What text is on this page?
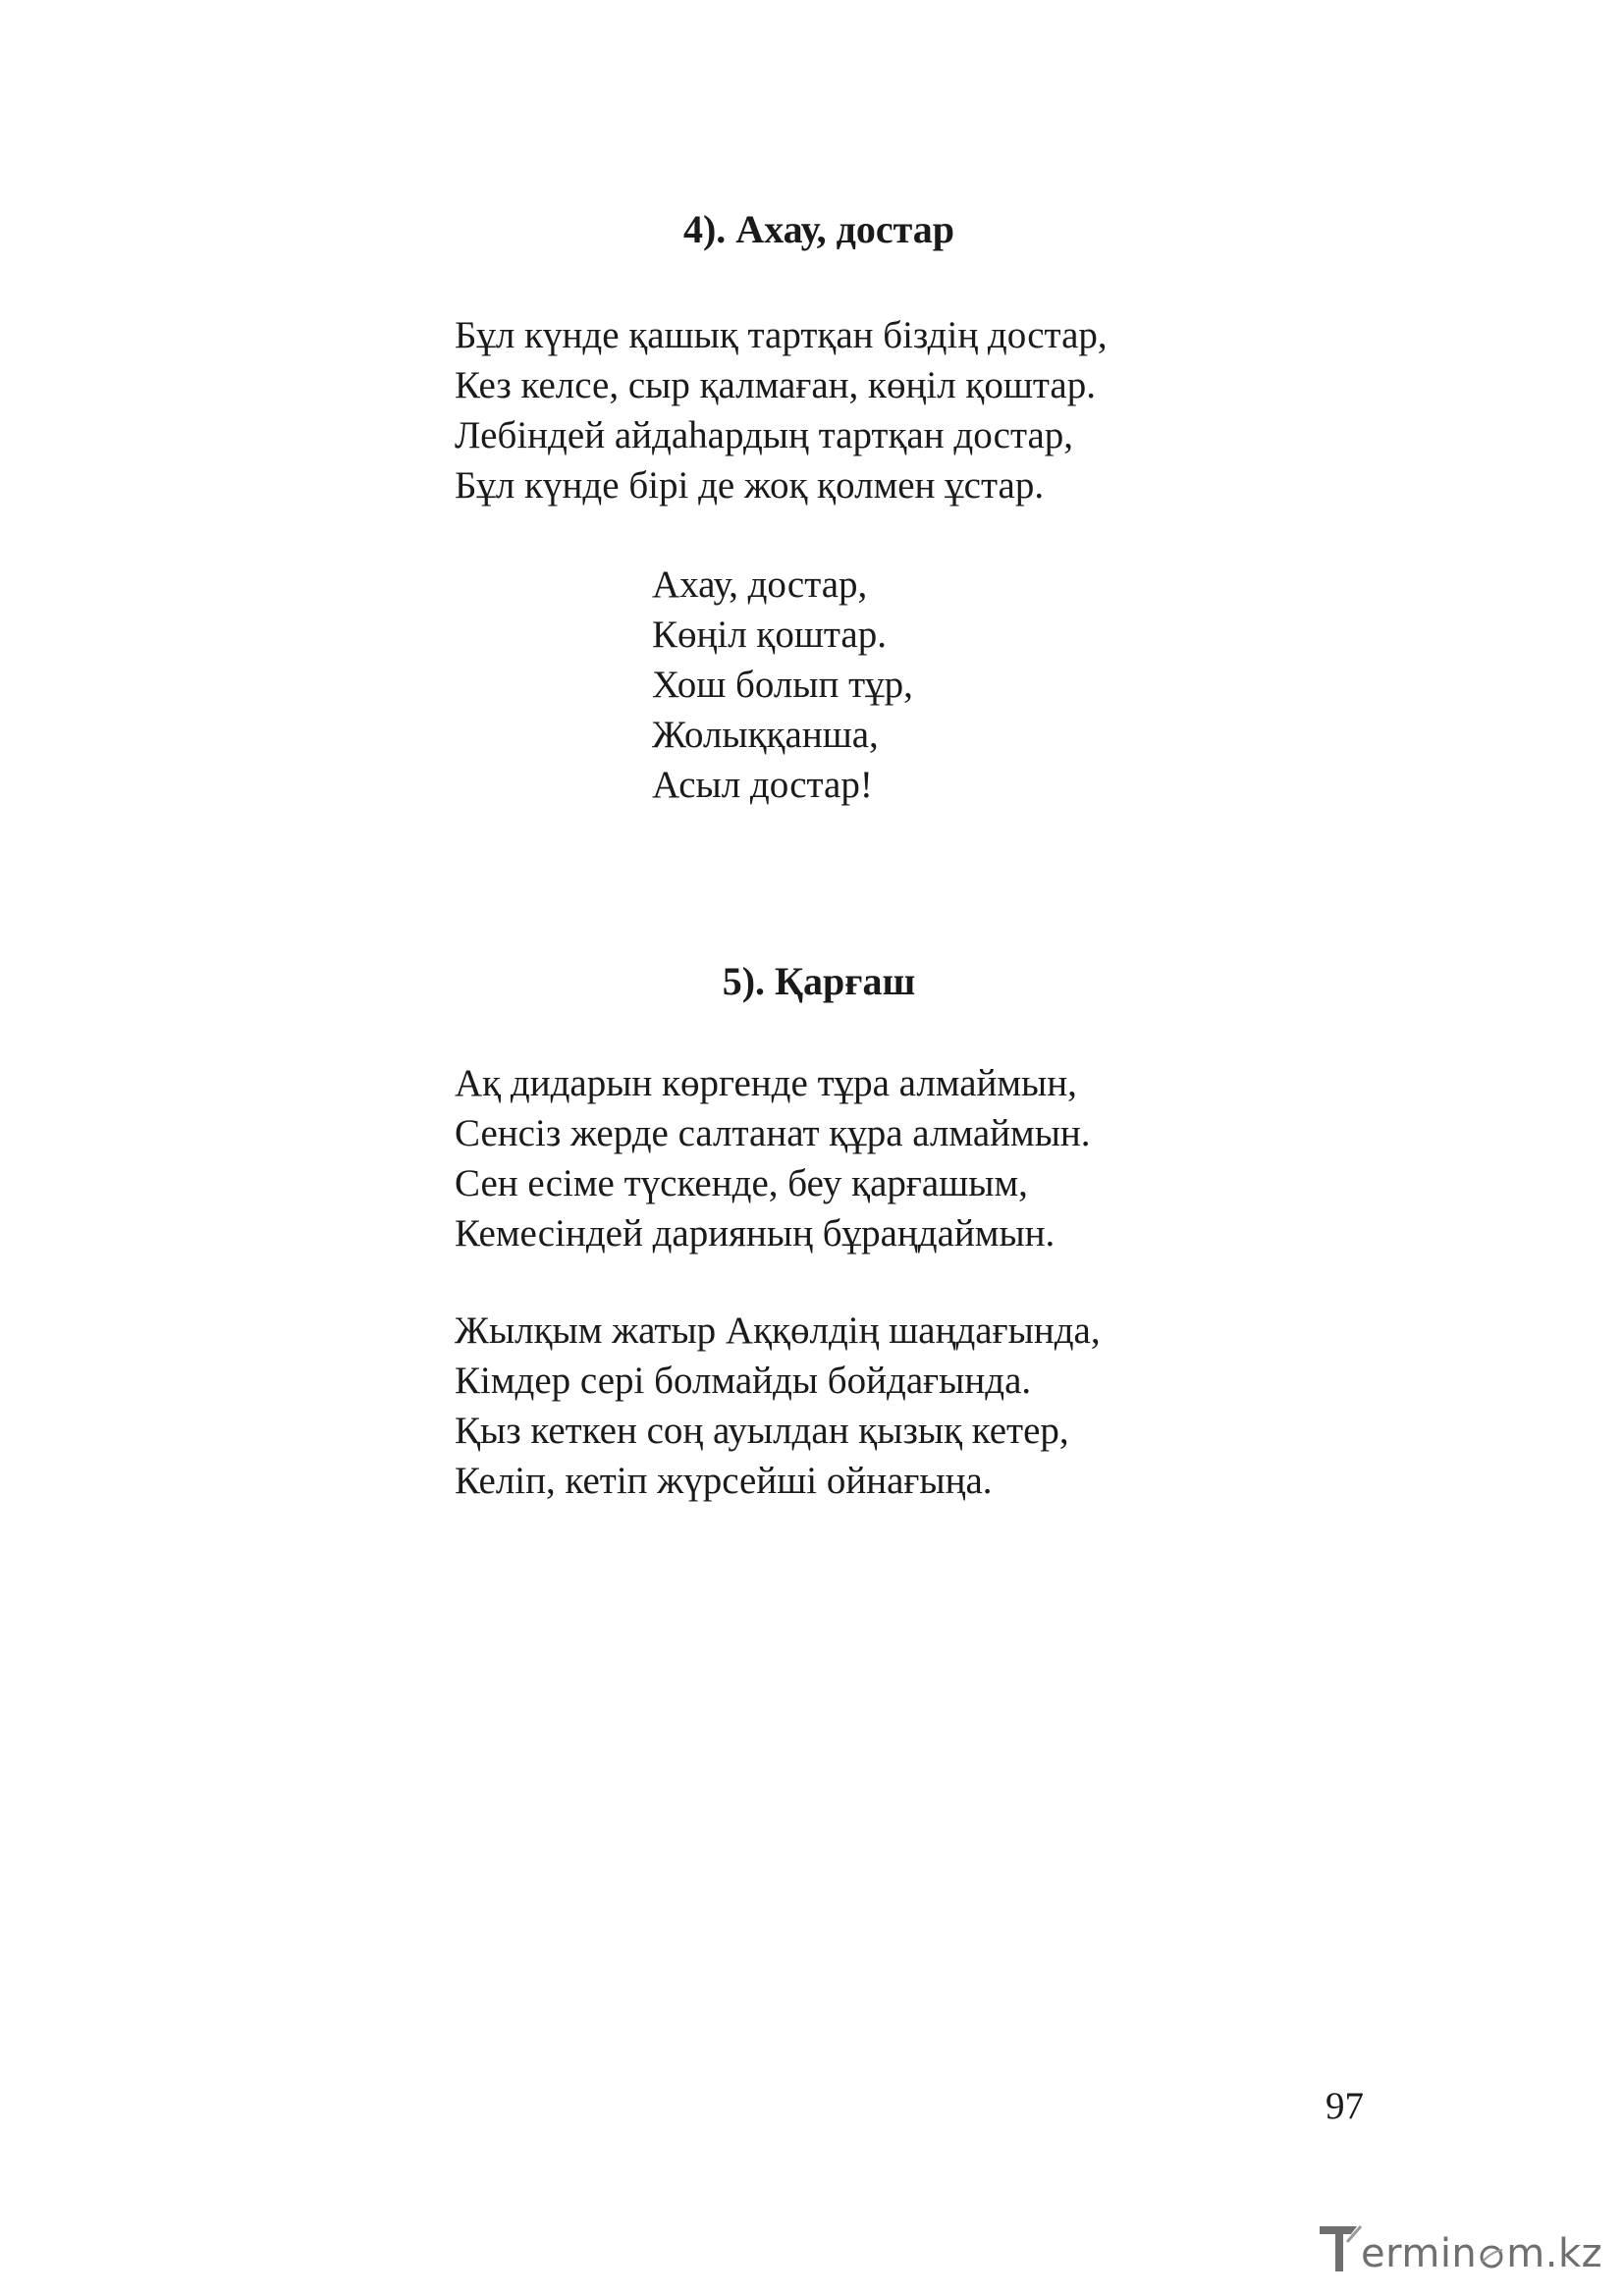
4). Ахау, достар
Бұл күнде қашық тартқан біздің достар,
Кез келсе, сыр қалмаған, көңіл қоштар.
Лебіндей айдаһардың тартқан достар,
Бұл күнде бірі де жоқ қолмен ұстар.
Ахау, достар,
Көңіл қоштар.
Хош болып тұр,
Жолыққанша,
Асыл достар!
5). Қарғаш
Ақ дидарын көргенде тұра алмаймын,
Сенсіз жерде салтанат құра алмаймын.
Сен есіме түскенде, беу қарғашым,
Кемесіндей дарияның бұраңдаймын.
Жылқым жатыр Аққөлдің шаңдағында,
Кімдер сері болмайды бойдағында.
Қыз кеткен соң ауылдан қызық кетер,
Келіп, кетіп жүрсейші ойнағыңа.
97
ermin m.kz
